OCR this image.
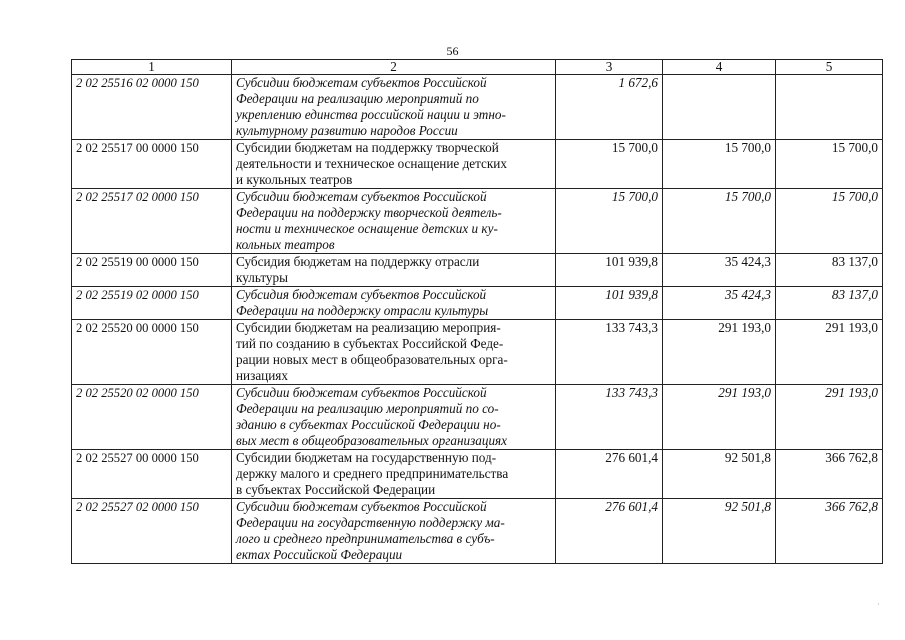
56
1	2	3	4	5
2 02 25516 02 0000 150	Субсидии бюджетам субъектов Российской
Федерации на реализацию мероприятий по
укреплению единства российской нации и этно-
культурному развитию народов России	1 672,6		
2 02 25517 00 0000 150	Субсидии бюджетам на поддержку творческой
деятельности и техническое оснащение детских
и кукольных театров	15 700,0	15 700,0	15 700,0
2 02 25517 02 0000 150	Субсидии бюджетам субъектов Российской
Федерации на поддержку творческой деятель-
ности и техническое оснащение детских и ку-
кольных театров	15 700,0	15 700,0	15 700,0
2 02 25519 00 0000 150	Субсидия бюджетам на поддержку отрасли
культуры	101 939,8	35 424,3	83 137,0
2 02 25519 02 0000 150	Субсидия бюджетам субъектов Российской
Федерации на поддержку отрасли культуры	101 939,8	35 424,3	83 137,0
2 02 25520 00 0000 150	Субсидии бюджетам на реализацию мероприя-
тий по созданию в субъектах Российской Феде-
рации новых мест в общеобразовательных орга-
низациях	133 743,3	291 193,0	291 193,0
2 02 25520 02 0000 150	Субсидии бюджетам субъектов Российской
Федерации на реализацию мероприятий по со-
зданию в субъектах Российской Федерации но-
вых мест в общеобразовательных организациях	133 743,3	291 193,0	291 193,0
2 02 25527 00 0000 150	Субсидии бюджетам на государственную под-
держку малого и среднего предпринимательства
в субъектах Российской Федерации	276 601,4	92 501,8	366 762,8
2 02 25527 02 0000 150	Субсидии бюджетам субъектов Российской
Федерации на государственную поддержку ма-
лого и среднего предпринимательства в субъ-
ектах Российской Федерации	276 601,4	92 501,8	366 762,8
·
